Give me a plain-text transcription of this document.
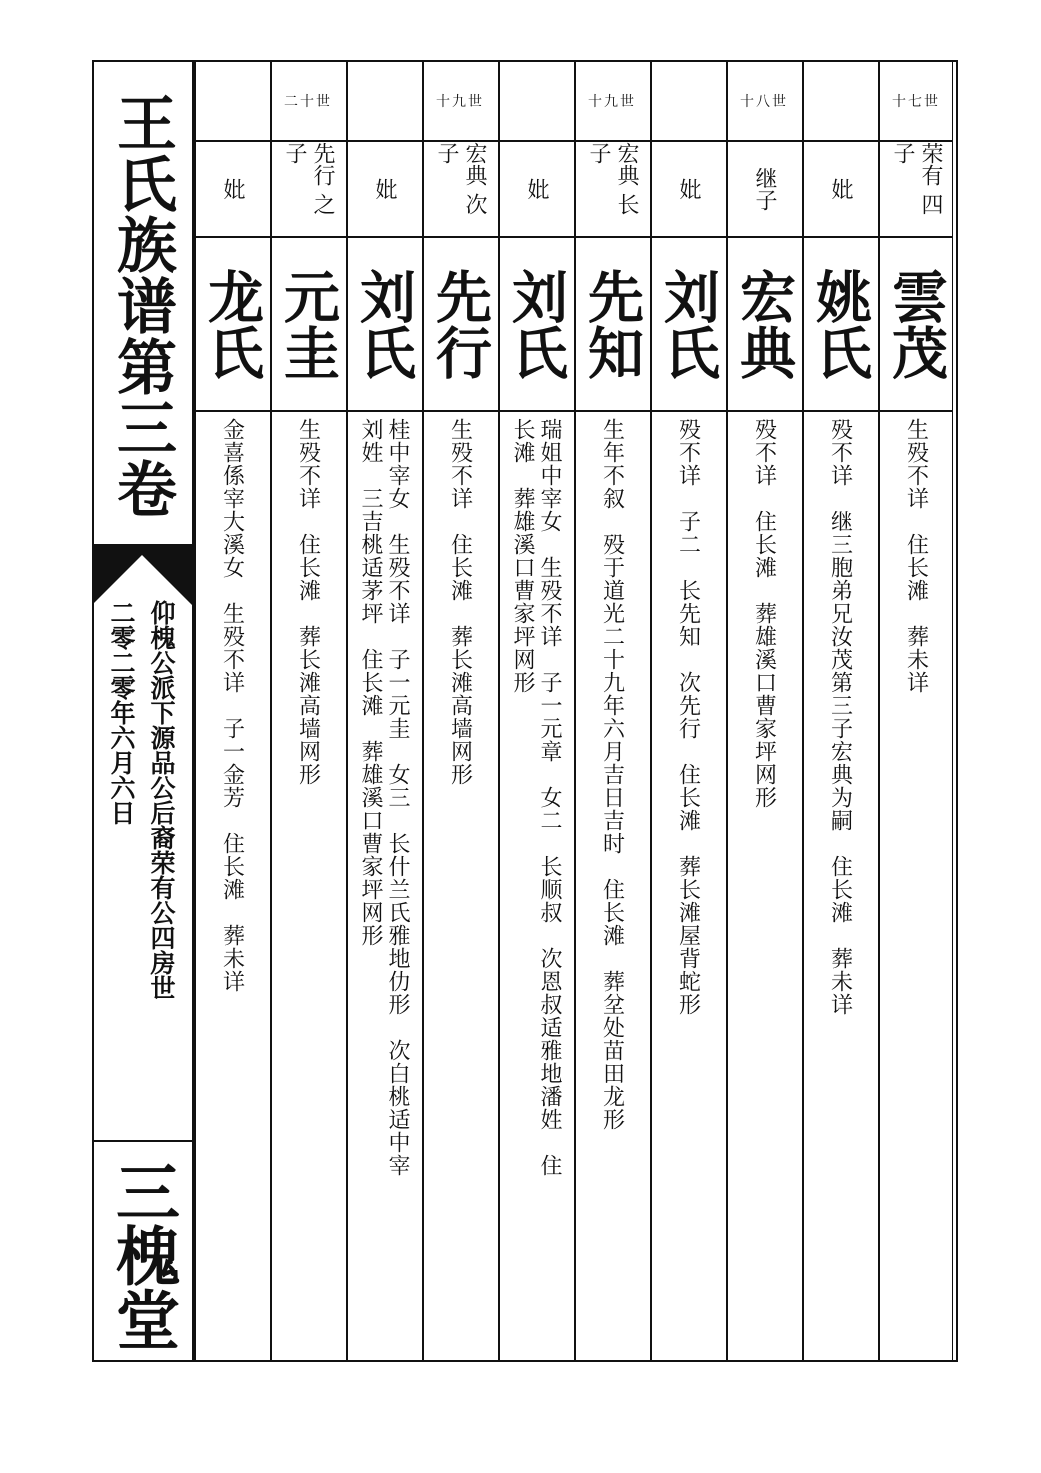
王氏族谱第三卷
仰槐公派下源品公后裔荣有公四房世
二零二零年六月六日
三槐堂
十七世
荣有 四子
雲茂
生殁不详　住长滩　葬未详
妣
姚氏
殁不详　继三胞弟兄汝茂第三子宏典为嗣　住长滩　葬未详
十八世
继子
宏典
殁不详　住长滩　葬雄溪口曹家坪网形
妣
刘氏
殁不详　子二　长先知　次先行　住长滩　葬长滩屋背蛇形
十九世
宏典 长子
先知
生年不叙　殁于道光二十九年六月吉日吉时　住长滩　葬坌处苗田龙形
妣
刘氏
瑞姐中宰女　生殁不详　子一元章　女二　长顺叔　次恩叔适雅地潘姓　住
长滩　葬雄溪口曹家坪网形
十九世
宏典 次子
先行
生殁不详　住长滩　葬长滩高墙网形
妣
刘氏
桂中宰女　生殁不详　子一元圭　女三　长什兰氏雅地仂形　次白桃适中宰
刘姓　三吉桃适茅坪　住长滩　葬雄溪口曹家坪网形
二十世
先行 之子
元圭
生殁不详　住长滩　葬长滩高墙网形
妣
龙氏
金喜係宰大溪女　生殁不详　子一金芳　住长滩　葬未详
